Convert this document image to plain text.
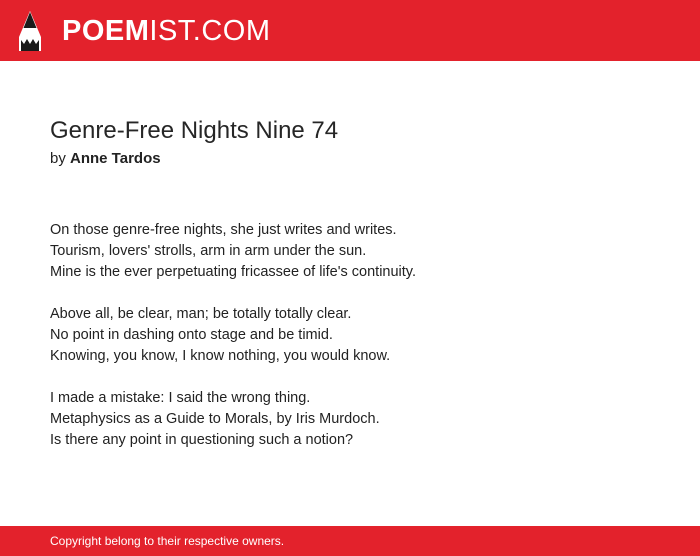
POEMIST.COM
Genre-Free Nights Nine 74
by Anne Tardos
On those genre-free nights, she just writes and writes.
Tourism, lovers' strolls, arm in arm under the sun.
Mine is the ever perpetuating fricassee of life's continuity.
Above all, be clear, man; be totally totally clear.
No point in dashing onto stage and be timid.
Knowing, you know, I know nothing, you would know.
I made a mistake: I said the wrong thing.
Metaphysics as a Guide to Morals, by Iris Murdoch.
Is there any point in questioning such a notion?
Copyright belong to their respective owners.
